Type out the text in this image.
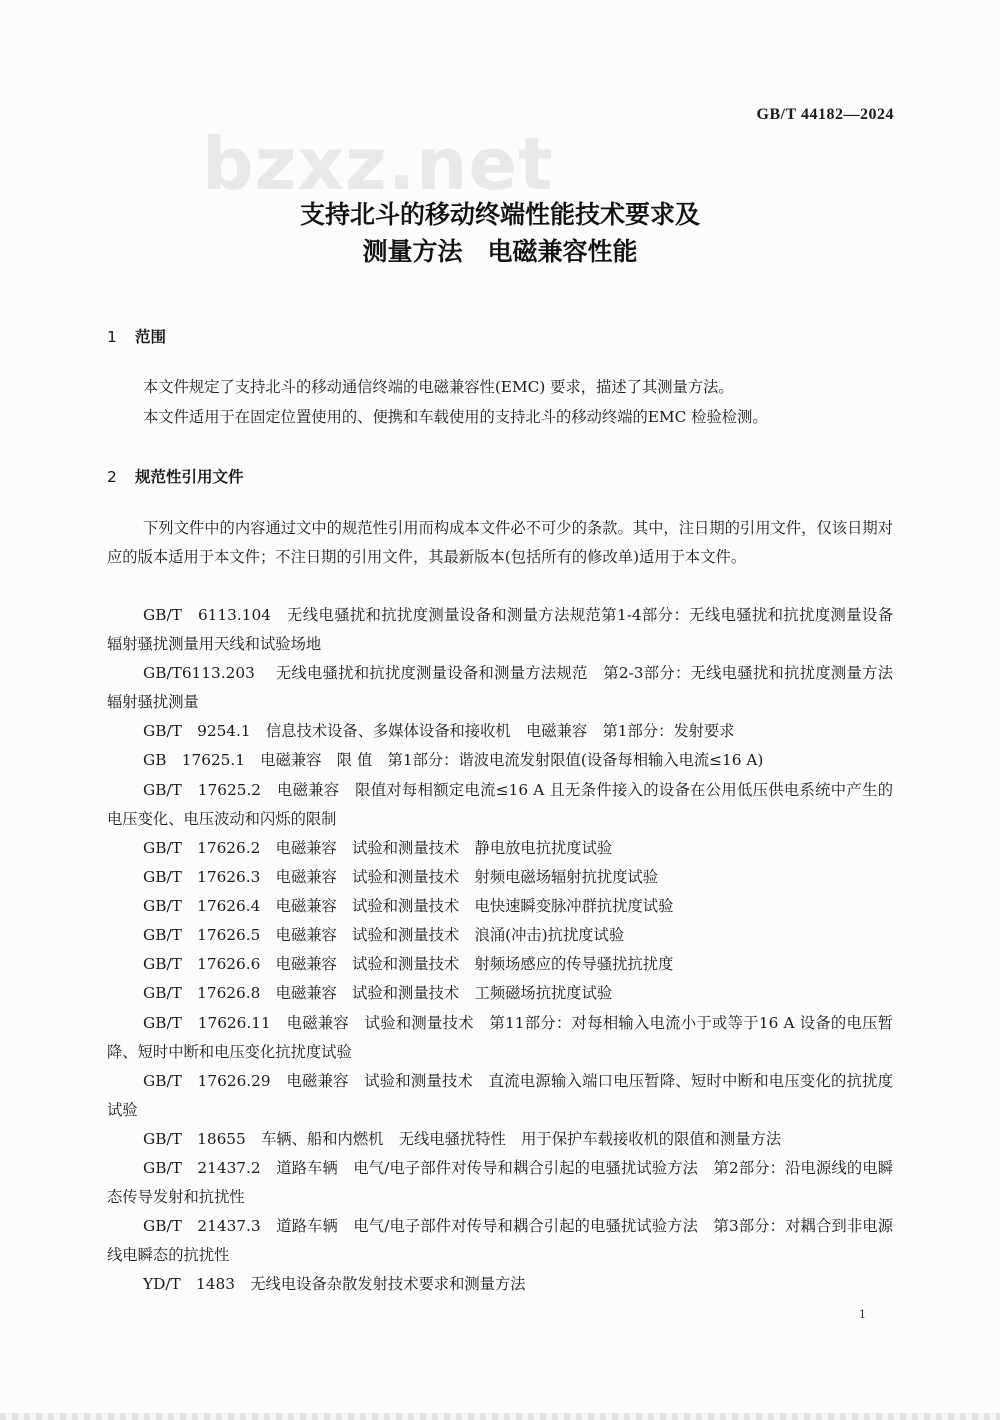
GB/T 44182—2024
bzxz.net
支持北斗的移动终端性能技术要求及
测量方法　电磁兼容性能
1 范围
本文件规定了支持北斗的移动通信终端的电磁兼容性(EMC) 要求，描述了其测量方法。
本文件适用于在固定位置使用的、便携和车载使用的支持北斗的移动终端的EMC 检验检测。
2 规范性引用文件
下列文件中的内容通过文中的规范性引用而构成本文件必不可少的条款。其中，注日期的引用文件，仅该日期对应的版本适用于本文件；不注日期的引用文件，其最新版本(包括所有的修改单)适用于本文件。
GB/T　6113.104　无线电骚扰和抗扰度测量设备和测量方法规范第1-4部分：无线电骚扰和抗扰度测量设备　辐射骚扰测量用天线和试验场地
GB/T6113.203　 无线电骚扰和抗扰度测量设备和测量方法规范　第2-3部分：无线电骚扰和抗扰度测量方法　辐射骚扰测量
GB/T　9254.1　信息技术设备、多媒体设备和接收机　电磁兼容　第1部分：发射要求
GB　17625.1　电磁兼容　限 值　第1部分：谐波电流发射限值(设备每相输入电流≤16 A)
GB/T　17625.2　电磁兼容　限值对每相额定电流≤16 A 且无条件接入的设备在公用低压供电系统中产生的电压变化、电压波动和闪烁的限制
GB/T　17626.2　电磁兼容　试验和测量技术　静电放电抗扰度试验
GB/T　17626.3　电磁兼容　试验和测量技术　射频电磁场辐射抗扰度试验
GB/T　17626.4　电磁兼容　试验和测量技术　电快速瞬变脉冲群抗扰度试验
GB/T　17626.5　电磁兼容　试验和测量技术　浪涌(冲击)抗扰度试验
GB/T　17626.6　电磁兼容　试验和测量技术　射频场感应的传导骚扰抗扰度
GB/T　17626.8　电磁兼容　试验和测量技术　工频磁场抗扰度试验
GB/T　17626.11　电磁兼容　试验和测量技术　第11部分：对每相输入电流小于或等于16 A 设备的电压暂降、短时中断和电压变化抗扰度试验
GB/T　17626.29　电磁兼容　试验和测量技术　直流电源输入端口电压暂降、短时中断和电压变化的抗扰度试验
GB/T　18655　车辆、船和内燃机　无线电骚扰特性　用于保护车载接收机的限值和测量方法
GB/T　21437.2　道路车辆　电气/电子部件对传导和耦合引起的电骚扰试验方法　第2部分：沿电源线的电瞬态传导发射和抗扰性
GB/T　21437.3　道路车辆　电气/电子部件对传导和耦合引起的电骚扰试验方法　第3部分：对耦合到非电源线电瞬态的抗扰性
YD/T　1483　无线电设备杂散发射技术要求和测量方法
1
